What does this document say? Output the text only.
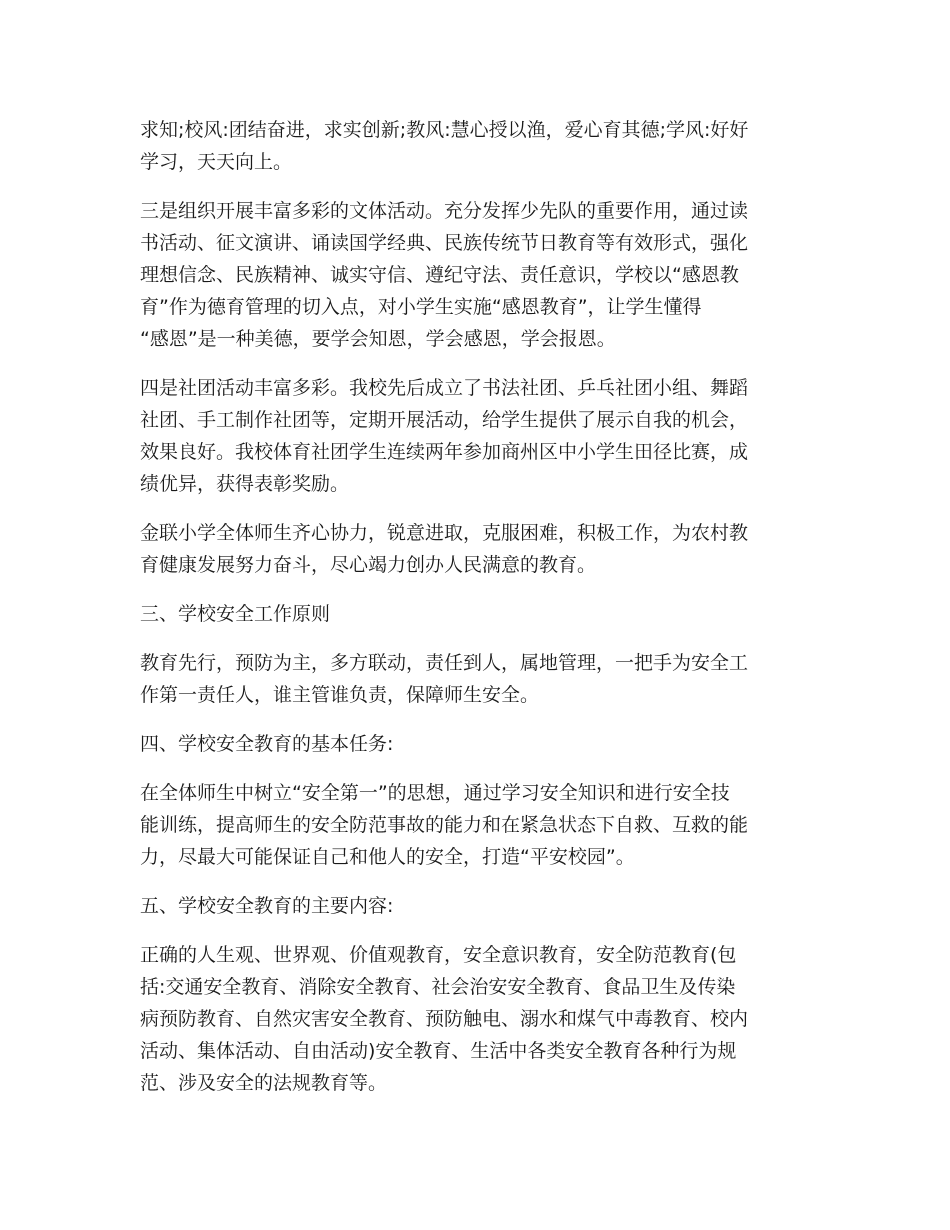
求知;校风:团结奋进，求实创新;教风:慧心授以渔，爱心育其德;学风:好好
学习，天天向上。

三是组织开展丰富多彩的文体活动。充分发挥少先队的重要作用，通过读
书活动、征文演讲、诵读国学经典、民族传统节日教育等有效形式，强化
理想信念、民族精神、诚实守信、遵纪守法、责任意识，学校以“感恩教
育”作为德育管理的切入点，对小学生实施“感恩教育”，让学生懂得
“感恩”是一种美德，要学会知恩，学会感恩，学会报恩。

四是社团活动丰富多彩。我校先后成立了书法社团、乒乓社团小组、舞蹈
社团、手工制作社团等，定期开展活动，给学生提供了展示自我的机会，
效果良好。我校体育社团学生连续两年参加商州区中小学生田径比赛，成
绩优异，获得表彰奖励。

金联小学全体师生齐心协力，锐意进取，克服困难，积极工作，为农村教
育健康发展努力奋斗，尽心竭力创办人民满意的教育。

三、学校安全工作原则

教育先行，预防为主，多方联动，责任到人，属地管理，一把手为安全工
作第一责任人，谁主管谁负责，保障师生安全。

四、学校安全教育的基本任务:

在全体师生中树立“安全第一”的思想，通过学习安全知识和进行安全技
能训练，提高师生的安全防范事故的能力和在紧急状态下自救、互救的能
力，尽最大可能保证自己和他人的安全，打造“平安校园”。

五、学校安全教育的主要内容:

正确的人生观、世界观、价值观教育，安全意识教育，安全防范教育(包
括:交通安全教育、消除安全教育、社会治安安全教育、食品卫生及传染
病预防教育、自然灾害安全教育、预防触电、溺水和煤气中毒教育、校内
活动、集体活动、自由活动)安全教育、生活中各类安全教育各种行为规
范、涉及安全的法规教育等。
